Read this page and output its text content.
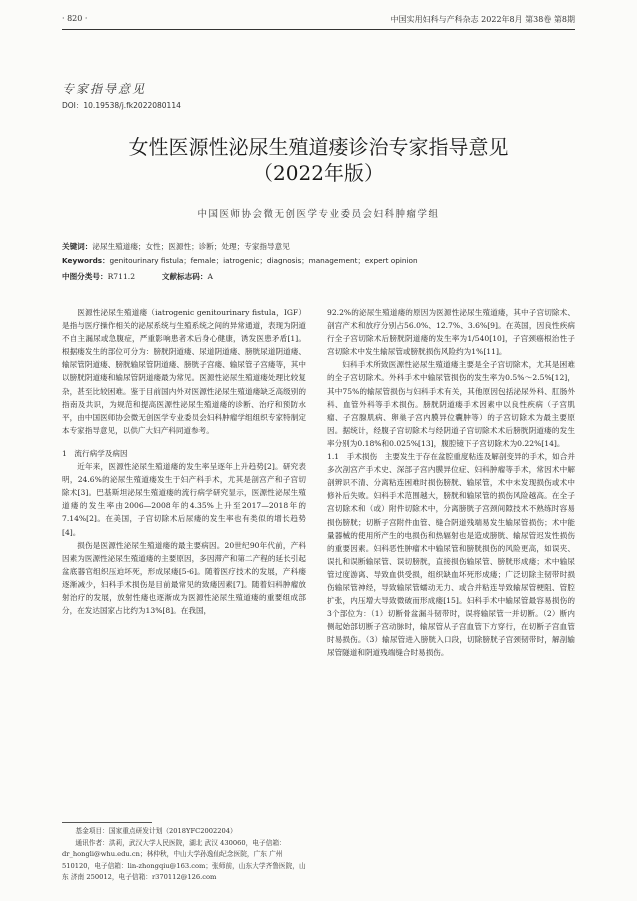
· 820 ·	中国实用妇科与产科杂志 2022年8月 第38卷 第8期
专家指导意见
DOI：10.19538/j.fk2022080114
女性医源性泌尿生殖道瘘诊治专家指导意见
（2022年版）
中国医师协会微无创医学专业委员会妇科肿瘤学组
关键词：泌尿生殖道瘘；女性；医源性；诊断；处理；专家指导意见
Keywords：genitourinary fistula；female；iatrogenic；diagnosis；management；expert opinion
中图分类号：R711.2	文献标志码：A

医源性泌尿生殖道瘘（iatrogenic genitourinary fistula，IGF）是指与医疗操作相关的泌尿系统与生殖系统之间的异常通道，表现为阴道不自主漏尿或急腹症，严重影响患者术后身心健康，诱发医患矛盾[1]。根据瘘发生的部位可分为：膀胱阴道瘘、尿道阴道瘘、膀胱尿道阴道瘘、输尿管阴道瘘、膀胱输尿管阴道瘘、膀胱子宫瘘、输尿管子宫瘘等，其中以膀胱阴道瘘和输尿管阴道瘘最为常见。医源性泌尿生殖道瘘处理比较复杂，甚至比较困难。鉴于目前国内外对医源性泌尿生殖道瘘缺乏高级别的指南及共识，为规范和提高医源性泌尿生殖道瘘的诊断、治疗和预防水平，由中国医师协会微无创医学专业委员会妇科肿瘤学组组织专家特制定本专家指导意见，以供广大妇产科同道参考。

1　流行病学及病因

近年来，医源性泌尿生殖道瘘的发生率呈逐年上升趋势[2]。研究表明，24.6%的泌尿生殖道瘘发生于妇产科手术，尤其是剖宫产和子宫切除术[3]。巴基斯坦泌尿生殖道瘘的流行病学研究显示，医源性泌尿生殖道瘘的发生率由2006—2008年的4.35%上升至2017—2018年的7.14%[2]。在美国，子宫切除术后尿瘘的发生率也有类似的增长趋势[4]。

损伤是医源性泌尿生殖道瘘的最主要病因。20世纪90年代前，产科因素为医源性泌尿生殖道瘘的主要原因，多因滞产和第二产程的延长引起盆底器官组织压迫坏死，形成尿瘘[5-6]。随着医疗技术的发展，产科瘘逐渐减少，妇科手术损伤是目前最常见的致瘘因素[7]。随着妇科肿瘤放射治疗的发展，放射性瘘也逐渐成为医源性泌尿生殖道瘘的重要组成部分，在发达国家占比约为13%[8]。在我国，

基金项目：国家重点研发计划（2018YFC2002204）

通讯作者：洪莉，武汉大学人民医院，湖北 武汉 430060，电子信箱：dr_hongli@whu.edu.cn；林仲秋，中山大学孙逸仙纪念医院，广东 广州 510120，电子信箱：lin-zhongqiu@163.com；张师前，山东大学齐鲁医院，山东 济南 250012，电子信箱：r370112@126.com

92.2%的泌尿生殖道瘘的原因为医源性泌尿生殖道瘘，其中子宫切除术、剖宫产术和放疗分别占56.0%、12.7%、3.6%[9]。在英国，因良性疾病行全子宫切除术后膀胱阴道瘘的发生率为1/540[10]，子宫颈癌根治性子宫切除术中发生输尿管或膀胱损伤风险约为1%[11]。

妇科手术所致医源性泌尿生殖道瘘主要是全子宫切除术，尤其是困难的全子宫切除术。外科手术中输尿管损伤的发生率为0.5%～2.5%[12]，其中75%的输尿管损伤与妇科手术有关，其他原因包括泌尿外科、肛肠外科、血管外科等手术损伤。膀胱阴道瘘手术因素中以良性疾病（子宫肌瘤、子宫腺肌病、卵巢子宫内膜异位囊肿等）的子宫切除术为最主要原因。据统计，经腹子宫切除术与经阴道子宫切除术术后膀胱阴道瘘的发生率分别为0.18%和0.025%[13]，腹腔镜下子宫切除术为0.22%[14]。

1.1　手术损伤　主要发生于存在盆腔重度粘连及解剖变异的手术，如合并多次剖宫产手术史、深部子宫内膜异位症、妇科肿瘤等手术，常因术中解剖辨识不清、分离粘连困难时损伤膀胱、输尿管，术中未发现损伤或术中修补后失败。妇科手术范围越大，膀胱和输尿管的损伤风险越高。在全子宫切除术和（或）附件切除术中，分离膀胱子宫颈间隙技术不熟练时容易损伤膀胱；切断子宫附件血管、缝合阴道残端易发生输尿管损伤；术中能量器械的使用所产生的电损伤和热辐射也是造成膀胱、输尿管迟发性损伤的重要因素。妇科恶性肿瘤术中输尿管和膀胱损伤的风险更高，如误夹、误扎和误断输尿管、误切膀胱，直接损伤输尿管、膀胱形成瘘；术中输尿管过度游离、导致血供受损，组织缺血坏死形成瘘；广泛切除主韧带时损伤输尿管神经，导致输尿管蠕动无力、或合并粘连导致输尿管梗阻、管腔扩张，内压增大导致微破而形成瘘[15]。妇科手术中输尿管最容易损伤的3个部位为：（1）切断骨盆漏斗韧带时，误将输尿管一并切断。（2）断内侧起始部切断子宫动脉时，输尿管从子宫血管下方穿行，在切断子宫血管时易损伤。（3）输尿管进入膀胱入口段，切除膀胱子宫颈韧带时，解剖输尿管隧道和阴道残端缝合时易损伤。
